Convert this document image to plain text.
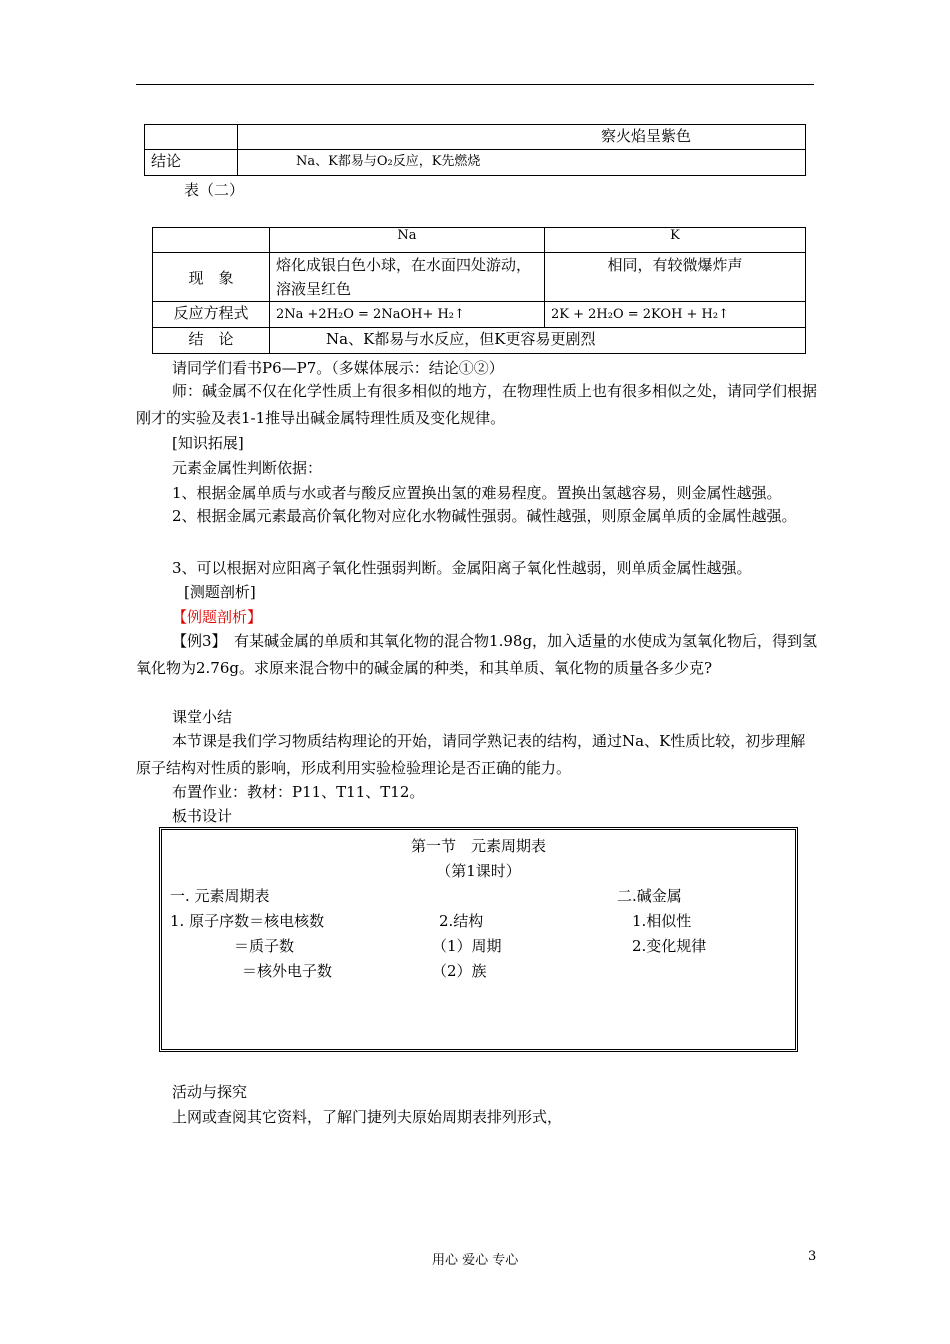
		察火焰呈紫色
结论	Na、K都易与O₂反应，K先燃烧	
表（二）
	Na	K
现　象	熔化成银白色小球，在水面四处游动，溶液呈红色	相同，有较微爆炸声
反应方程式	2Na +2H₂O = 2NaOH+ H₂↑	2K + 2H₂O = 2KOH + H₂↑
结　论	Na、K都易与水反应，但K更容易更剧烈	
请同学们看书P6—P7。（多媒体展示：结论①②）
师：碱金属不仅在化学性质上有很多相似的地方，在物理性质上也有很多相似之处，请同学们根据刚才的实验及表1-1推导出碱金属特理性质及变化规律。
[知识拓展]
元素金属性判断依据：
1、根据金属单质与水或者与酸反应置换出氢的难易程度。置换出氢越容易，则金属性越强。
2、根据金属元素最高价氧化物对应化水物碱性强弱。碱性越强，则原金属单质的金属性越强。
3、可以根据对应阳离子氧化性强弱判断。金属阳离子氧化性越弱，则单质金属性越强。
[测题剖析]
【例题剖析】
【例3】　有某碱金属的单质和其氧化物的混合物1.98g，加入适量的水使成为氢氧化物后，得到氢氧化物为2.76g。求原来混合物中的碱金属的种类，和其单质、氧化物的质量各多少克?
课堂小结
本节课是我们学习物质结构理论的开始，请同学熟记表的结构，通过Na、K性质比较，初步理解原子结构对性质的影响，形成利用实验检验理论是否正确的能力。
布置作业：教材：P11、T11、T12。
板书设计
第一节　元素周期表
（第1课时）
一. 元素周期表
1. 原子序数＝核电核数
＝质子数
＝核外电子数
2.结构
（1）周期
（2）族
二.碱金属
1.相似性
2.变化规律
活动与探究
上网或查阅其它资料，了解门捷列夫原始周期表排列形式，
用心 爱心 专心	3
